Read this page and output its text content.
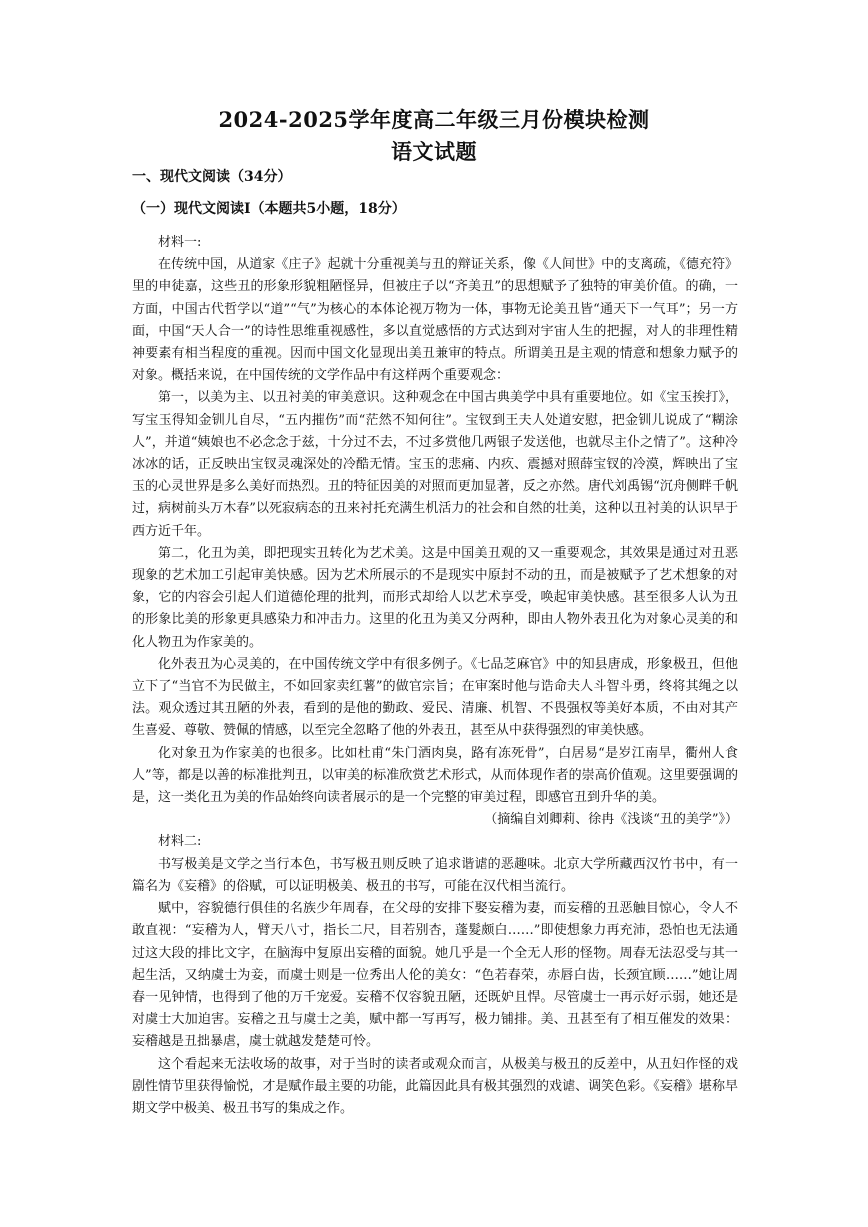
2024-2025学年度高二年级三月份模块检测
语文试题
一、现代文阅读（34分）
（一）现代文阅读Ⅰ（本题共5小题，18分）

材料一:

在传统中国，从道家《庄子》起就十分重视美与丑的辩证关系，像《人间世》中的支离疏，《德充符》里的申徒嘉，这些丑的形象形貌粗陋怪异，但被庄子以“齐美丑”的思想赋予了独特的审美价值。的确，一方面，中国古代哲学以“道”“气”为核心的本体论视万物为一体，事物无论美丑皆“通天下一气耳”；另一方面，中国“天人合一”的诗性思维重视感性，多以直觉感悟的方式达到对宇宙人生的把握，对人的非理性精神要素有相当程度的重视。因而中国文化显现出美丑兼审的特点。所谓美丑是主观的情意和想象力赋予的对象。概括来说，在中国传统的文学作品中有这样两个重要观念：

第一，以美为主、以丑衬美的审美意识。这种观念在中国古典美学中具有重要地位。如《宝玉挨打》，写宝玉得知金钏儿自尽，“五内摧伤”而“茫然不知何往”。宝钗到王夫人处道安慰，把金钏儿说成了“糊涂人”，并道“姨娘也不必念念于兹，十分过不去，不过多赏他几两银子发送他，也就尽主仆之情了”。这种冷冰冰的话，正反映出宝钗灵魂深处的冷酷无情。宝玉的悲痛、内疚、震撼对照薛宝钗的冷漠，辉映出了宝玉的心灵世界是多么美好而热烈。丑的特征因美的对照而更加显著，反之亦然。唐代刘禹锡“沉舟侧畔千帆过，病树前头万木春”以死寂病态的丑来衬托充满生机活力的社会和自然的壮美，这种以丑衬美的认识早于西方近千年。

第二，化丑为美，即把现实丑转化为艺术美。这是中国美丑观的又一重要观念，其效果是通过对丑恶现象的艺术加工引起审美快感。因为艺术所展示的不是现实中原封不动的丑，而是被赋予了艺术想象的对象，它的内容会引起人们道德伦理的批判，而形式却给人以艺术享受，唤起审美快感。甚至很多人认为丑的形象比美的形象更具感染力和冲击力。这里的化丑为美又分两种，即由人物外表丑化为对象心灵美的和化人物丑为作家美的。

化外表丑为心灵美的，在中国传统文学中有很多例子。《七品芝麻官》中的知县唐成，形象极丑，但他立下了“当官不为民做主，不如回家卖红薯”的做官宗旨；在审案时他与诰命夫人斗智斗勇，终将其绳之以法。观众透过其丑陋的外表，看到的是他的勤政、爱民、清廉、机智、不畏强权等美好本质，不由对其产生喜爱、尊敬、赞佩的情感，以至完全忽略了他的外表丑，甚至从中获得强烈的审美快感。

化对象丑为作家美的也很多。比如杜甫“朱门酒肉臭，路有冻死骨”，白居易“是岁江南旱，衢州人食人”等，都是以善的标准批判丑，以审美的标准欣赏艺术形式，从而体现作者的崇高价值观。这里要强调的是，这一类化丑为美的作品始终向读者展示的是一个完整的审美过程，即感官丑到升华的美。

（摘编自刘卿莉、徐冉《浅谈“丑的美学”》）

材料二:

书写极美是文学之当行本色，书写极丑则反映了追求谐谑的恶趣味。北京大学所藏西汉竹书中，有一篇名为《妄稽》的俗赋，可以证明极美、极丑的书写，可能在汉代相当流行。

赋中，容貌德行俱佳的名族少年周春，在父母的安排下娶妄稽为妻，而妄稽的丑恶触目惊心，令人不敢直视：“妄稽为人，臂天八寸，指长二尺，目若别杏，蓬髮颇白……”即使想象力再充沛，恐怕也无法通过这大段的排比文字，在脑海中复原出妄稽的面貌。她几乎是一个全无人形的怪物。周春无法忍受与其一起生活，又纳虞士为妾，而虞士则是一位秀出人伦的美女：“色若春荣，赤唇白齿，长颈宜顾……”她让周春一见钟情，也得到了他的万千宠爱。妄稽不仅容貌丑陋，还既妒且悍。尽管虞士一再示好示弱，她还是对虞士大加迫害。妄稽之丑与虞士之美，赋中都一写再写，极力铺排。美、丑甚至有了相互催发的效果：妄稽越是丑拙暴虐，虞士就越发楚楚可怜。

这个看起来无法收场的故事，对于当时的读者或观众而言，从极美与极丑的反差中，从丑妇作怪的戏剧性情节里获得愉悦，才是赋作最主要的功能，此篇因此具有极其强烈的戏谑、调笑色彩。《妄稽》堪称早期文学中极美、极丑书写的集成之作。
